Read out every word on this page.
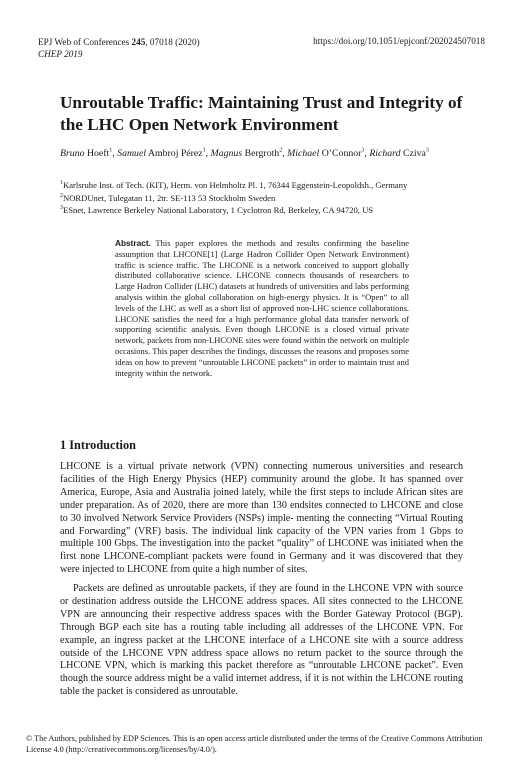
EPJ Web of Conferences 245, 07018 (2020)
CHEP 2019
https://doi.org/10.1051/epjconf/202024507018
Unroutable Traffic: Maintaining Trust and Integrity of the LHC Open Network Environment
Bruno Hoeft$^1$, Samuel Ambroj Pérez$^1$, Magnus Bergroth$^2$, Michael O’Connor$^3$, Richard Cziva$^3$
$^1$Karlsruhe Inst. of Tech. (KIT), Herm. von Helmholtz Pl. 1, 76344 Eggenstein-Leopoldsh., Germany
$^2$NORDUnet, Tulegatan 11, 2tr. SE-113 53 Stockholm Sweden
$^3$ESnet, Lawrence Berkeley National Laboratory, 1 Cyclotron Rd, Berkeley, CA 94720, US
Abstract. This paper explores the methods and results confirming the baseline assumption that LHCONE[1] (Large Hadron Collider Open Network Environment) traffic is science traffic. The LHCONE is a network conceived to support globally distributed collaborative science. LHCONE connects thousands of researchers to Large Hadron Collider (LHC) datasets at hundreds of universities and labs performing analysis within the global collaboration on high-energy physics. It is “Open” to all levels of the LHC as well as a short list of approved non-LHC science collaborations. LHCONE satisfies the need for a high performance global data transfer network of supporting scientific analysis. Even though LHCONE is a closed virtual private network, packets from non-LHCONE sites were found within the network on multiple occasions. This paper describes the findings, discusses the reasons and proposes some ideas on how to prevent “unroutable LHCONE packets” in order to maintain trust and integrity within the network.
1 Introduction

LHCONE is a virtual private network (VPN) connecting numerous universities and research facilities of the High Energy Physics (HEP) community around the globe. It has spanned over America, Europe, Asia and Australia joined lately, while the first steps to include African sites are under preparation. As of 2020, there are more than 130 endsites connected to LHCONE and close to 30 involved Network Service Providers (NSPs) imple- menting the connecting “Virtual Routing and Forwarding” (VRF) basis. The individual link capacity of the VPN varies from 1 Gbps to multiple 100 Gbps. The investigation into the packet “quality” of LHCONE was initiated when the first none LHCONE-compliant packets were found in Germany and it was discovered that they were injected to LHCONE from quite a high number of sites.

Packets are defined as unroutable packets, if they are found in the LHCONE VPN with source or destination address outside the LHCONE address spaces. All sites connected to the LHCONE VPN are announcing their respective address spaces with the Border Gateway Protocol (BGP). Through BGP each site has a routing table including all addresses of the LHCONE VPN. For example, an ingress packet at the LHCONE interface of a LHCONE site with a source address outside of the LHCONE VPN address space allows no return packet to the source through the LHCONE VPN, which is marking this packet therefore as “unroutable LHCONE packet”. Even though the source address might be a valid internet address, if it is not within the LHCONE routing table the packet is considered as unroutable.

© The Authors, published by EDP Sciences. This is an open access article distributed under the terms of the Creative Commons Attribution License 4.0 (http://creativecommons.org/licenses/by/4.0/).
